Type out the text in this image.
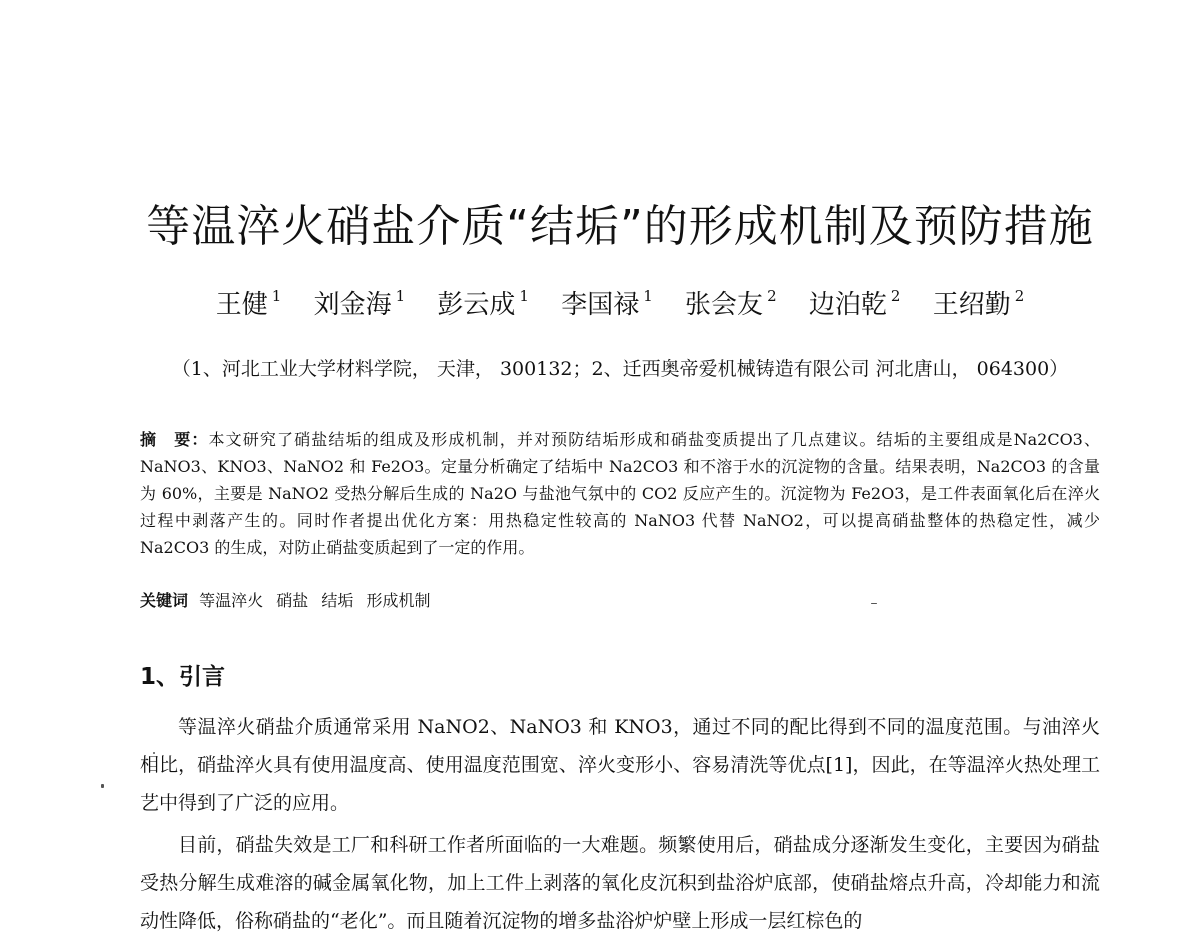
等温淬火硝盐介质“结垢”的形成机制及预防措施
王健 $^1$ 刘金海 $^1$ 彭云成 $^1$ 李国禄 $^1$ 张会友 $^2$ 边泊乾 $^2$ 王绍勤 $^2$
（1、河北工业大学材料学院， 天津， 300132；2、迁西奥帝爱机械铸造有限公司 河北唐山， 064300）
摘　要：本文研究了硝盐结垢的组成及形成机制，并对预防结垢形成和硝盐变质提出了几点建议。结垢的主要组成是Na2CO3、NaNO3、KNO3、NaNO2 和 Fe2O3。定量分析确定了结垢中 Na2CO3 和不溶于水的沉淀物的含量。结果表明，Na2CO3 的含量为 60%，主要是 NaNO2 受热分解后生成的 Na2O 与盐池气氛中的 CO2 反应产生的。沉淀物为 Fe2O3，是工件表面氧化后在淬火过程中剥落产生的。同时作者提出优化方案：用热稳定性较高的 NaNO3 代替 NaNO2，可以提高硝盐整体的热稳定性，减少 Na2CO3 的生成，对防止硝盐变质起到了一定的作用。
关键词 等温淬火 硝盐 结垢 形成机制
1、引言

等温淬火硝盐介质通常采用 NaNO2、NaNO3 和 KNO3，通过不同的配比得到不同的温度范围。与油淬火相比，硝盐淬火具有使用温度高、使用温度范围宽、淬火变形小、容易清洗等优点[1]，因此，在等温淬火热处理工艺中得到了广泛的应用。

目前，硝盐失效是工厂和科研工作者所面临的一大难题。频繁使用后，硝盐成分逐渐发生变化，主要因为硝盐受热分解生成难溶的碱金属氧化物，加上工件上剥落的氧化皮沉积到盐浴炉底部，使硝盐熔点升高，冷却能力和流动性降低，俗称硝盐的“老化”。而且随着沉淀物的增多盐浴炉炉壁上形成一层红棕色的
